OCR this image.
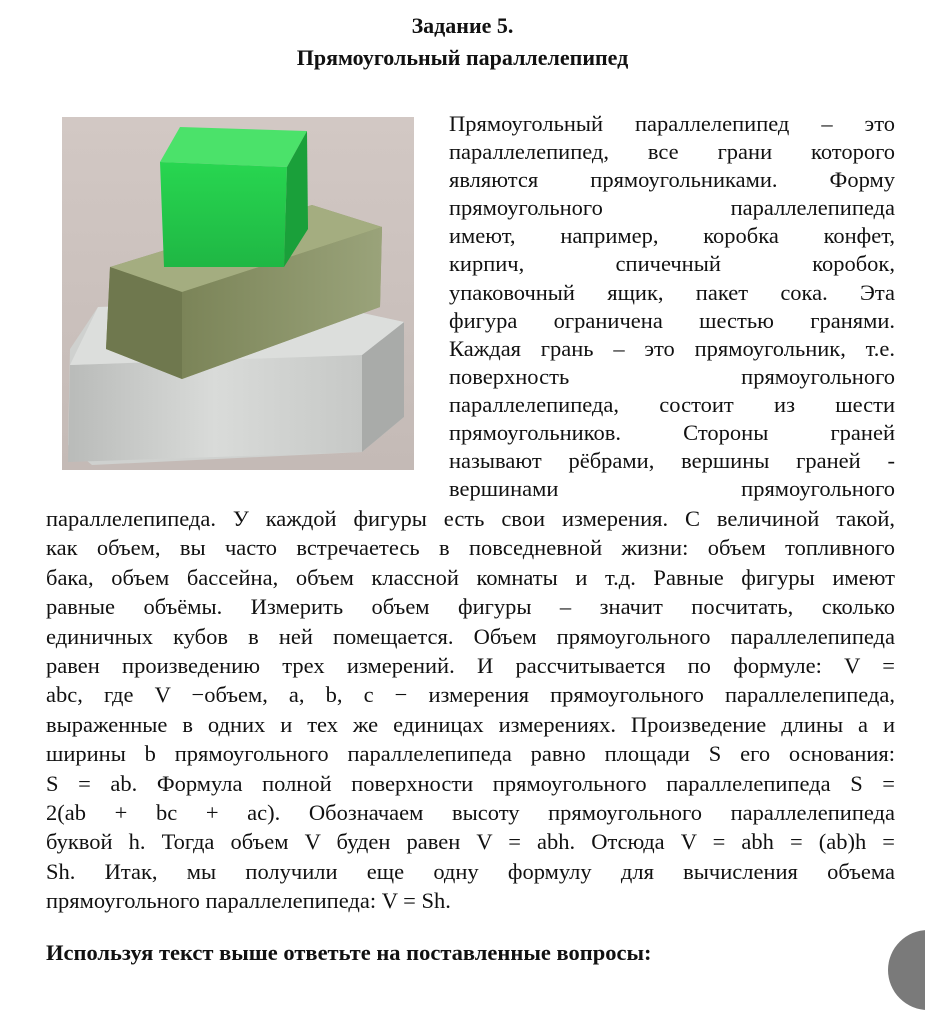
Задание 5.
Прямоугольный параллелепипед
Прямоугольный параллелепипед – это
параллелепипед, все грани которого
являются прямоугольниками. Форму
прямоугольного параллелепипеда
имеют, например, коробка конфет,
кирпич, спичечный коробок,
упаковочный ящик, пакет сока. Эта
фигура ограничена шестью гранями.
Каждая грань – это прямоугольник, т.е.
поверхность прямоугольного
параллелепипеда, состоит из шести
прямоугольников. Стороны граней
называют рёбрами, вершины граней -
вершинами прямоугольного
параллелепипеда. У каждой фигуры есть свои измерения. С величиной такой,
как объем, вы часто встречаетесь в повседневной жизни: объем топливного
бака, объем бассейна, объем классной комнаты и т.д. Равные фигуры имеют
равные объёмы. Измерить объем фигуры – значит посчитать, сколько
единичных кубов в ней помещается. Объем прямоугольного параллелепипеда
равен произведению трех измерений. И рассчитывается по формуле: V =
abc, где V −объем, a, b, c − измерения прямоугольного параллелепипеда,
выраженные в одних и тех же единицах измерениях. Произведение длины a и
ширины b прямоугольного параллелепипеда равно площади S его основания:
S = ab. Формула полной поверхности прямоугольного параллелепипеда S =
2(ab + bc + ac). Обозначаем высоту прямоугольного параллелепипеда
буквой h. Тогда объем V буден равен V = abh. Отсюда V = abh = (ab)h =
Sh. Итак, мы получили еще одну формулу для вычисления объема
прямоугольного параллелепипеда: V = Sh.
Используя текст выше ответьте на поставленные вопросы:
